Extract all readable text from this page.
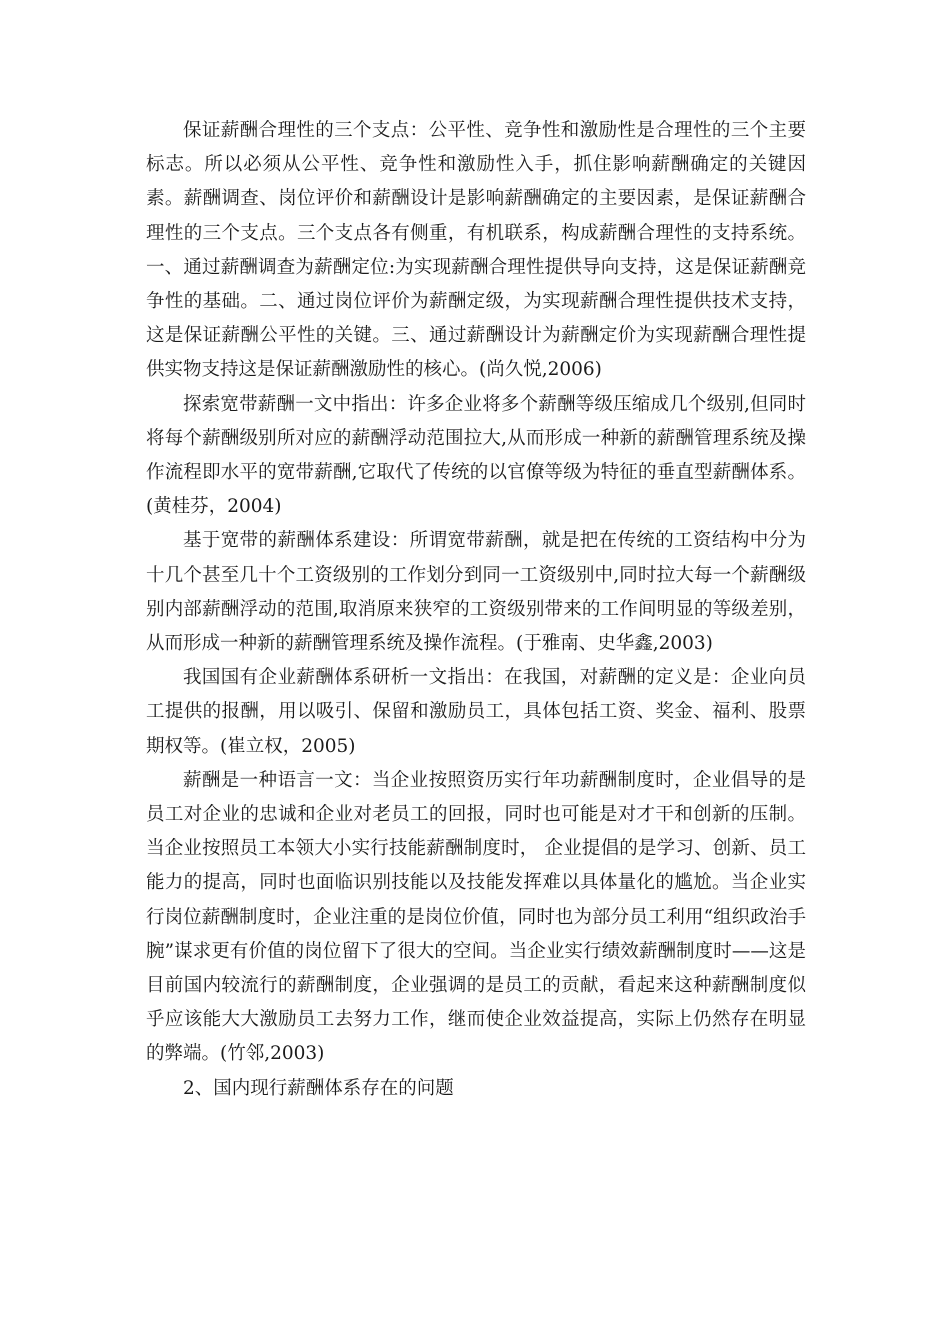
保证薪酬合理性的三个支点：公平性、竞争性和激励性是合理性的三个主要标志。所以必须从公平性、竞争性和激励性入手，抓住影响薪酬确定的关键因素。薪酬调查、岗位评价和薪酬设计是影响薪酬确定的主要因素，是保证薪酬合理性的三个支点。三个支点各有侧重，有机联系，构成薪酬合理性的支持系统。一、通过薪酬调查为薪酬定位:为实现薪酬合理性提供导向支持，这是保证薪酬竞争性的基础。二、通过岗位评价为薪酬定级，为实现薪酬合理性提供技术支持，这是保证薪酬公平性的关键。三、通过薪酬设计为薪酬定价为实现薪酬合理性提供实物支持这是保证薪酬激励性的核心。(尚久悦,2006)

探索宽带薪酬一文中指出：许多企业将多个薪酬等级压缩成几个级别,但同时将每个薪酬级别所对应的薪酬浮动范围拉大,从而形成一种新的薪酬管理系统及操作流程即水平的宽带薪酬,它取代了传统的以官僚等级为特征的垂直型薪酬体系。(黄桂芬，2004)

基于宽带的薪酬体系建设：所谓宽带薪酬，就是把在传统的工资结构中分为十几个甚至几十个工资级别的工作划分到同一工资级别中,同时拉大每一个薪酬级别内部薪酬浮动的范围,取消原来狭窄的工资级别带来的工作间明显的等级差别，从而形成一种新的薪酬管理系统及操作流程。(于雅南、史华鑫,2003)

我国国有企业薪酬体系研析一文指出：在我国，对薪酬的定义是：企业向员工提供的报酬，用以吸引、保留和激励员工，具体包括工资、奖金、福利、股票期权等。(崔立权，2005)

薪酬是一种语言一文：当企业按照资历实行年功薪酬制度时，企业倡导的是员工对企业的忠诚和企业对老员工的回报，同时也可能是对才干和创新的压制。当企业按照员工本领大小实行技能薪酬制度时， 企业提倡的是学习、创新、员工能力的提高，同时也面临识别技能以及技能发挥难以具体量化的尴尬。当企业实行岗位薪酬制度时，企业注重的是岗位价值，同时也为部分员工利用“组织政治手腕”谋求更有价值的岗位留下了很大的空间。当企业实行绩效薪酬制度时——这是目前国内较流行的薪酬制度，企业强调的是员工的贡献，看起来这种薪酬制度似乎应该能大大激励员工去努力工作，继而使企业效益提高，实际上仍然存在明显的弊端。(竹邻,2003)

2、国内现行薪酬体系存在的问题
